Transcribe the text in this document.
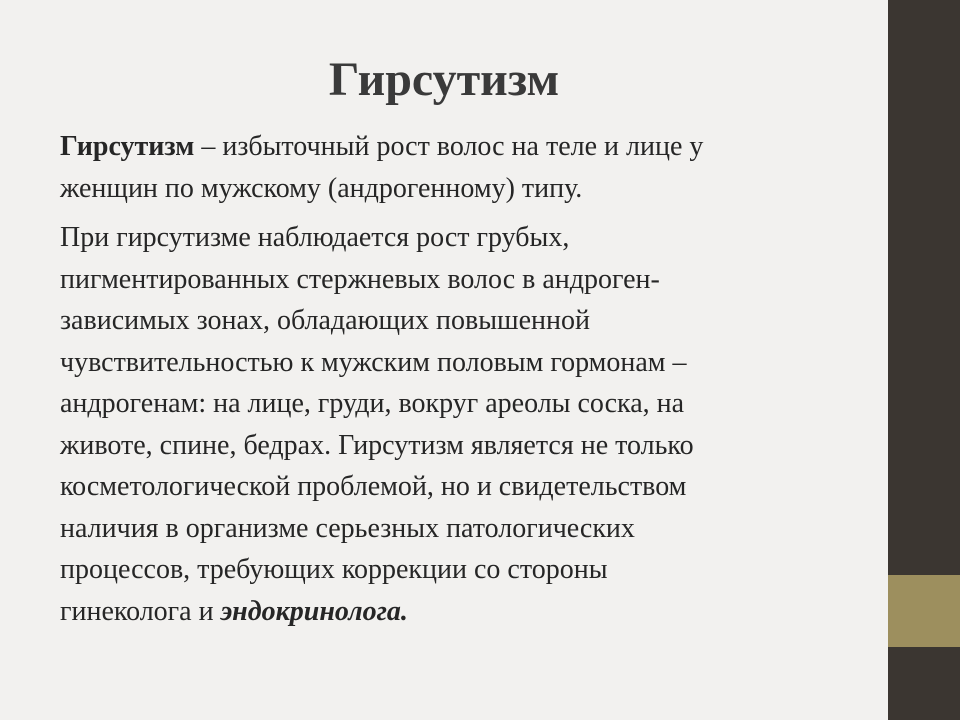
Гирсутизм

Гирсутизм – избыточный рост волос на теле и лице у
женщин по мужскому (андрогенному) типу.

При гирсутизме наблюдается рост грубых,
пигментированных стержневых волос в андроген-
зависимых зонах, обладающих повышенной
чувствительностью к мужским половым гормонам –
андрогенам: на лице, груди, вокруг ареолы соска, на
животе, спине, бедрах. Гирсутизм является не только
косметологической проблемой, но и свидетельством
наличия в организме серьезных патологических
процессов, требующих коррекции со стороны
гинеколога и эндокринолога.
